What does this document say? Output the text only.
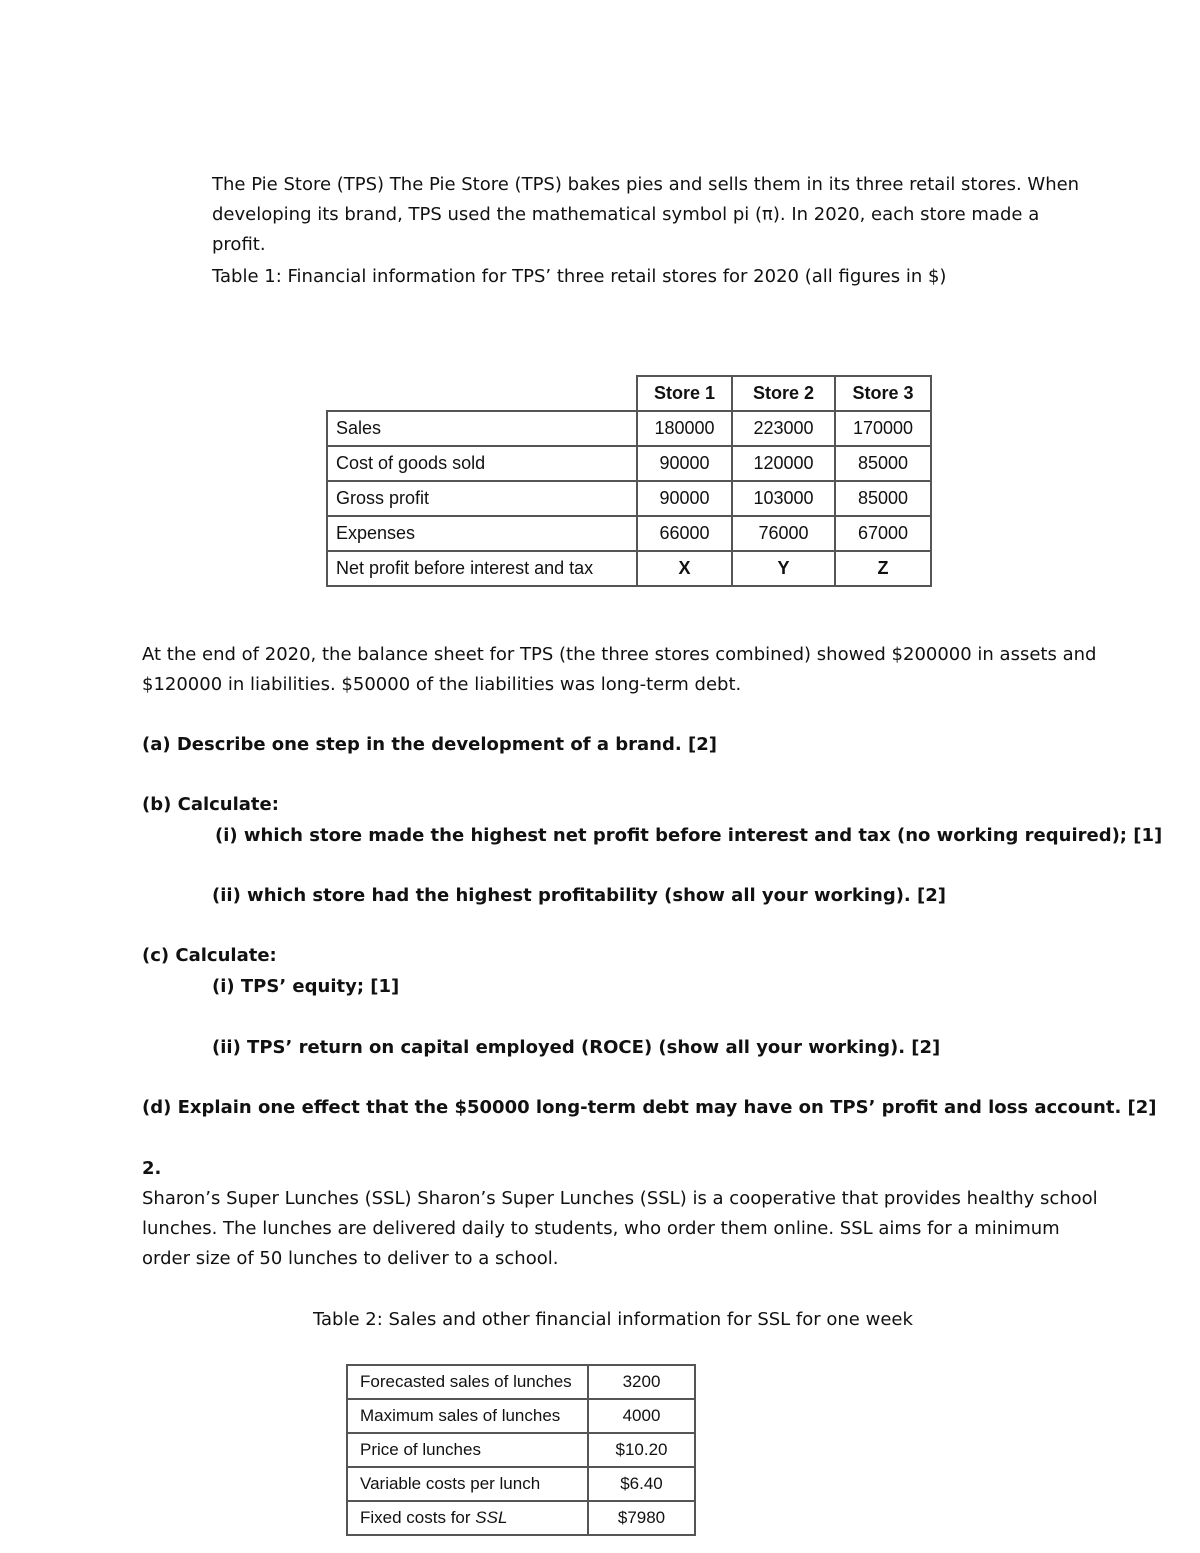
The Pie Store (TPS) The Pie Store (TPS) bakes pies and sells them in its three retail stores. When

developing its brand, TPS used the mathematical symbol pi (π). In 2020, each store made a

profit.

Table 1: Financial information for TPS’ three retail stores for 2020 (all figures in $)

	Store 1	Store 2	Store 3
Sales	180000	223000	170000
Cost of goods sold	90000	120000	85000
Gross profit	90000	103000	85000
Expenses	66000	76000	67000
Net profit before interest and tax	X	Y	Z

At the end of 2020, the balance sheet for TPS (the three stores combined) showed $200000 in assets and

$120000 in liabilities. $50000 of the liabilities was long-term debt.

(a) Describe one step in the development of a brand. [2]

(b) Calculate:

(i) which store made the highest net profit before interest and tax (no working required); [1]

(ii) which store had the highest profitability (show all your working). [2]

(c) Calculate:

(i) TPS’ equity; [1]

(ii) TPS’ return on capital employed (ROCE) (show all your working). [2]

(d) Explain one effect that the $50000 long-term debt may have on TPS’ profit and loss account. [2]

2.

Sharon’s Super Lunches (SSL) Sharon’s Super Lunches (SSL) is a cooperative that provides healthy school

lunches. The lunches are delivered daily to students, who order them online. SSL aims for a minimum

order size of 50 lunches to deliver to a school.

Table 2: Sales and other financial information for SSL for one week

Forecasted sales of lunches	3200
Maximum sales of lunches	4000
Price of lunches	$10.20
Variable costs per lunch	$6.40
Fixed costs for SSL	$7980
